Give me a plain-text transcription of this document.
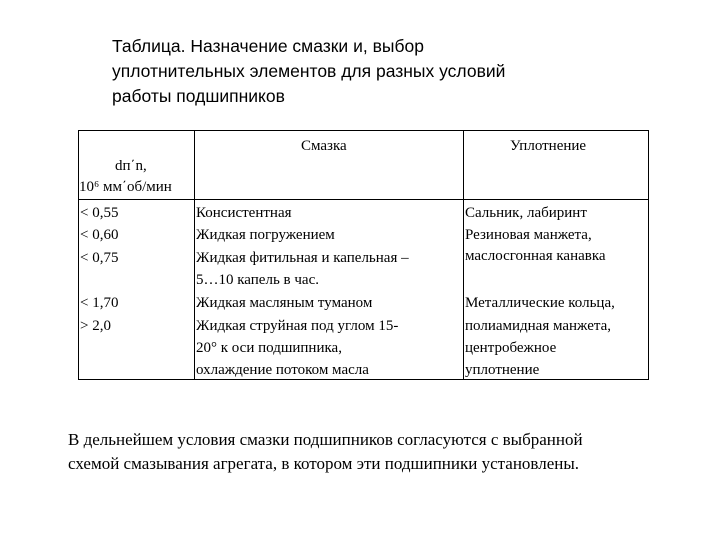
Таблица. Назначение смазки и, выбор
уплотнительных элементов для разных условий
работы подшипников
Смазка	Уплотнение
dп΄n,
10⁶ мм΄об/мин
< 0,55
< 0,60
< 0,75
< 1,70
> 2,0
Консистентная
Жидкая погружением
Жидкая фитильная и капельная –
5…10 капель в час.
Жидкая масляным туманом
Жидкая струйная под углом 15-
20° к оси подшипника,
охлаждение потоком масла
Сальник, лабиринт
Резиновая манжета,
маслосгонная канавка
Металлические кольца,
полиамидная манжета,
центробежное
уплотнение
В дельнейшем условия смазки подшипников согласуются с выбранной
схемой смазывания агрегата, в котором эти подшипники установлены.
